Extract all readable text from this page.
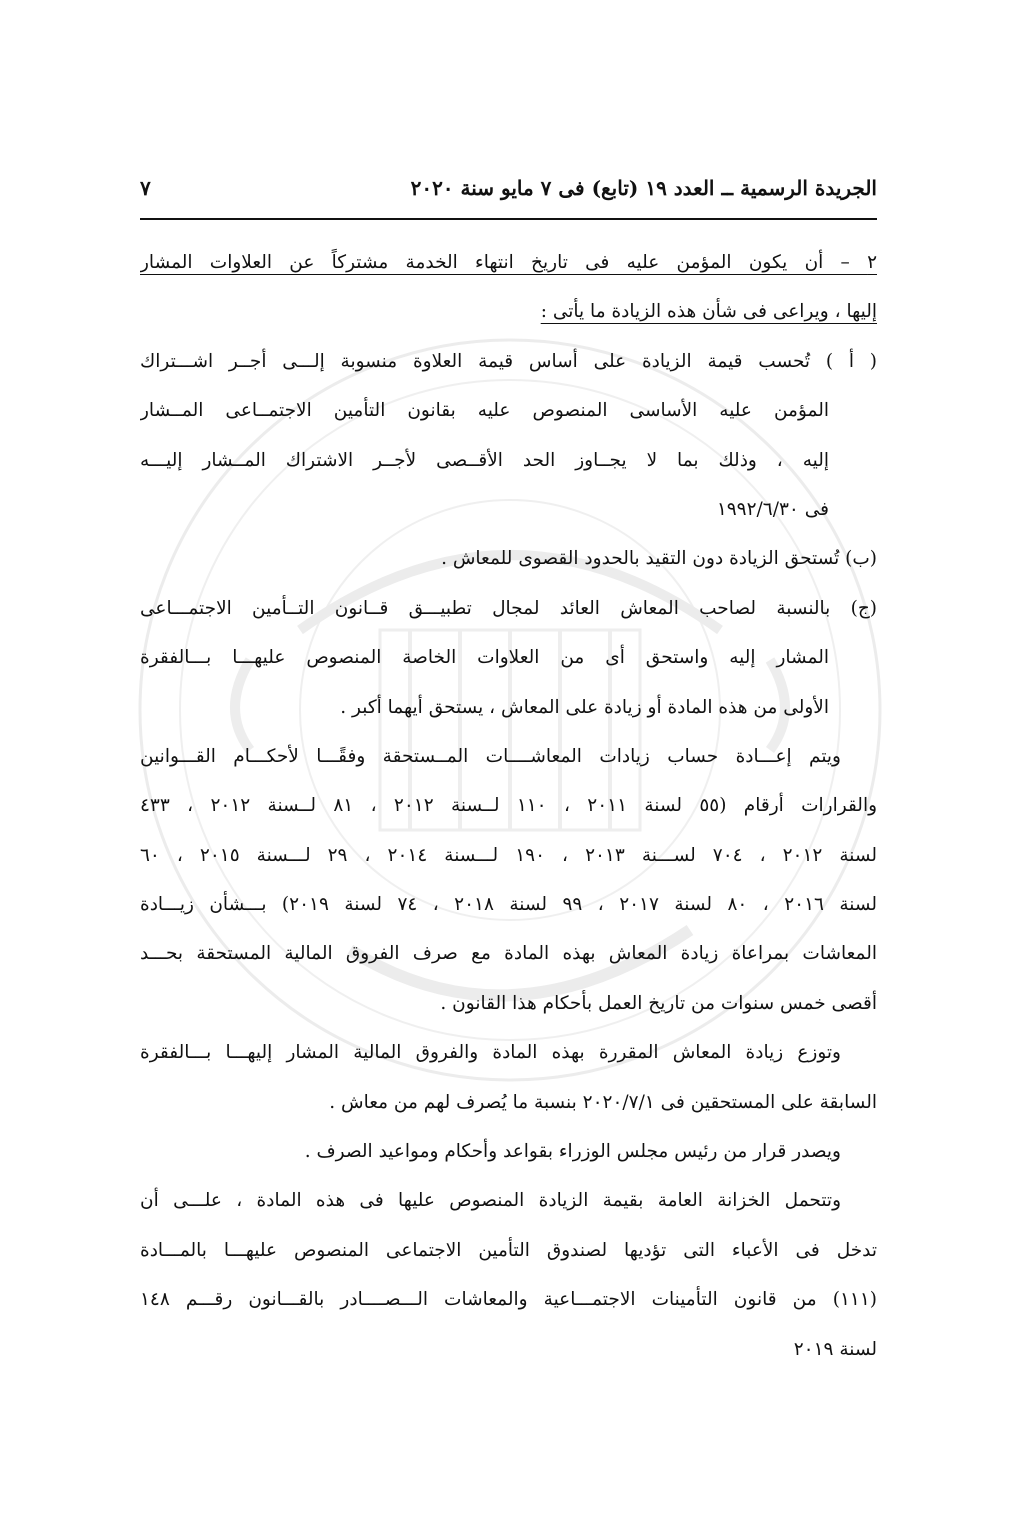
الجريدة الرسمية ــ العدد ١٩ (تابع) فى ٧ مايو سنة ٢٠٢٠
٧
٢ – أن يكون المؤمن عليه فى تاريخ انتهاء الخدمة مشتركاً عن العلاوات المشار
إليها ، ويراعى فى شأن هذه الزيادة ما يأتى :
( أ ) تُحسب قيمة الزيادة على أساس قيمة العلاوة منسوبة إلـــى أجــر اشـــتراك
المؤمن عليه الأساسى المنصوص عليه بقانون التأمين الاجتمــاعى المــشار
إليه ، وذلك بما لا يجــاوز الحد الأقــصى لأجــر الاشتراك المــشار إليـــه
فى ١٩٩٢/٦/٣٠
(ب) تُستحق الزيادة دون التقيد بالحدود القصوى للمعاش .
(ج) بالنسبة لصاحب المعاش العائد لمجال تطبيـــق قــانون التــأمين الاجتمـــاعى
المشار إليه واستحق أى من العلاوات الخاصة المنصوص عليهـــا بـــالفقرة
الأولى من هذه المادة أو زيادة على المعاش ، يستحق أيهما أكبر .
ويتم إعـــادة حساب زيادات المعاشــــات المــستحقة وفقًـــا لأحكـــام القـــوانين
والقرارات أرقام (٥٥ لسنة ٢٠١١ ، ١١٠ لــسنة ٢٠١٢ ، ٨١ لــسنة ٢٠١٢ ، ٤٣٣
لسنة ٢٠١٢ ، ٧٠٤ لســـنة ٢٠١٣ ، ١٩٠ لـــسنة ٢٠١٤ ، ٢٩ لـــسنة ٢٠١٥ ، ٦٠
لسنة ٢٠١٦ ، ٨٠ لسنة ٢٠١٧ ، ٩٩ لسنة ٢٠١٨ ، ٧٤ لسنة ٢٠١٩) بـــشأن زيـــادة
المعاشات بمراعاة زيادة المعاش بهذه المادة مع صرف الفروق المالية المستحقة بحـــد
أقصى خمس سنوات من تاريخ العمل بأحكام هذا القانون .
وتوزع زيادة المعاش المقررة بهذه المادة والفروق المالية المشار إليهـــا بـــالفقرة
السابقة على المستحقين فى ٢٠٢٠/٧/١ بنسبة ما يُصرف لهم من معاش .
ويصدر قرار من رئيس مجلس الوزراء بقواعد وأحكام ومواعيد الصرف .
وتتحمل الخزانة العامة بقيمة الزيادة المنصوص عليها فى هذه المادة ، علـــى أن
تدخل فى الأعباء التى تؤديها لصندوق التأمين الاجتماعى المنصوص عليهـــا بالمـــادة
(١١١) من قانون التأمينات الاجتمـــاعية والمعاشات الـــصــــادر بالقـــانون رقـــم ١٤٨
لسنة ٢٠١٩
